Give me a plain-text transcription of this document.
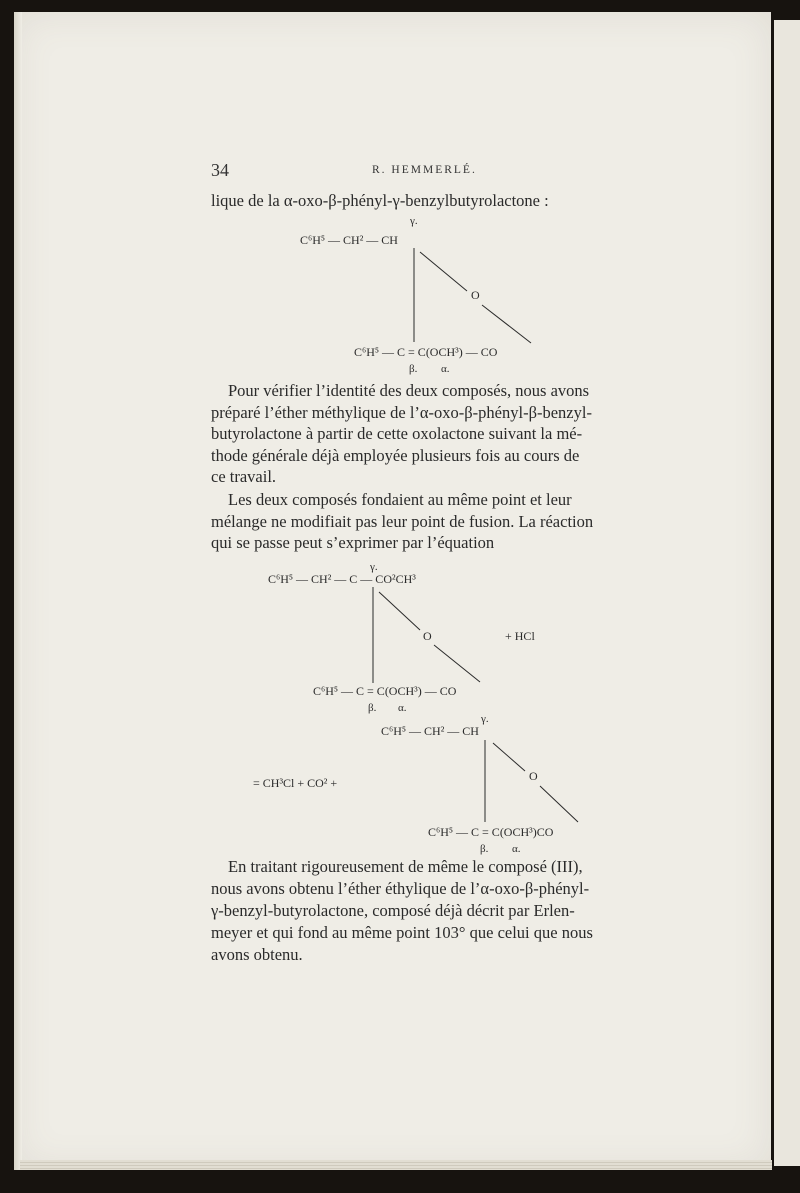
34	R. HEMMERLÉ.
lique de la α-oxo-β-phényl-γ-benzylbutyrolactone :
γ.
C⁶H⁵ — CH² — CH
O
C⁶H⁵ — C = C(OCH³) — CO
β. α.

Pour vérifier l’identité des deux composés, nous avons

préparé l’éther méthylique de l’α-oxo-β-phényl-β-benzyl-

butyrolactone à partir de cette oxolactone suivant la mé-

thode générale déjà employée plusieurs fois au cours de

ce travail.

Les deux composés fondaient au même point et leur

mélange ne modifiait pas leur point de fusion. La réaction

qui se passe peut s’exprimer par l’équation

γ.
C⁶H⁵ — CH² — C — CO²CH³
O	+ HCl
C⁶H⁵ — C = C(OCH³) — CO
β. α.
γ.
C⁶H⁵ — CH² — CH
= CH³Cl + CO² +	O
C⁶H⁵ — C = C(OCH³)CO
β. α.

En traitant rigoureusement de même le composé (III),

nous avons obtenu l’éther éthylique de l’α-oxo-β-phényl-

γ-benzyl-butyrolactone, composé déjà décrit par Erlen-

meyer et qui fond au même point 103° que celui que nous

avons obtenu.
